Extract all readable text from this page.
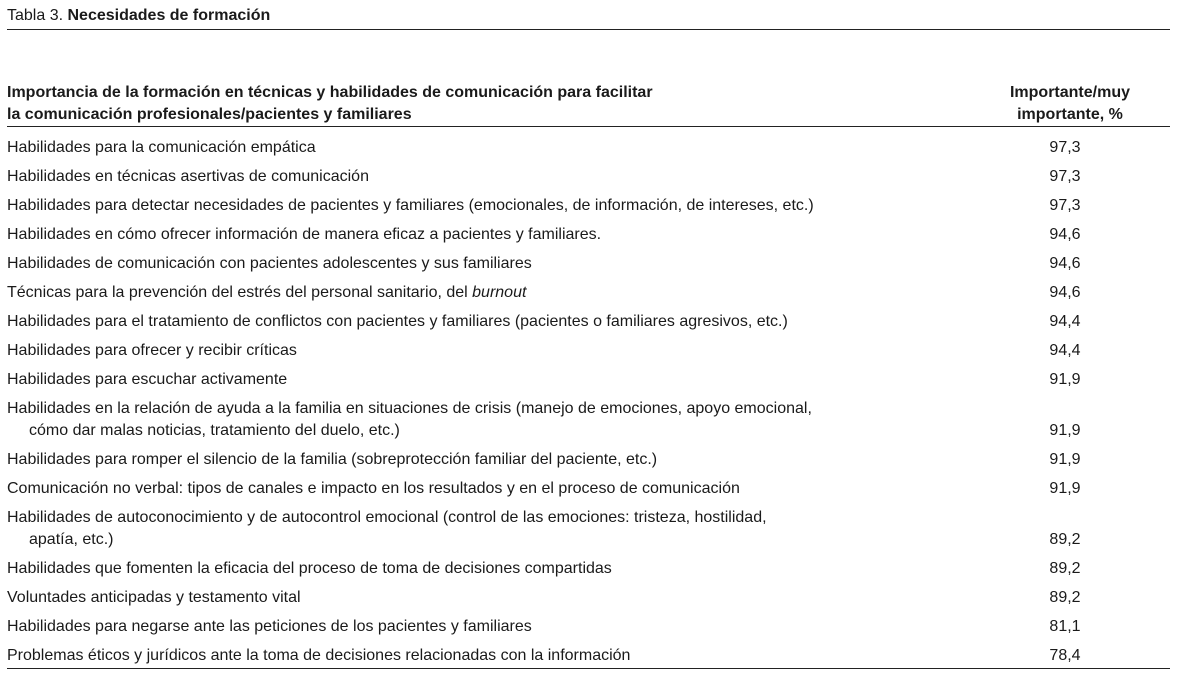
Tabla 3. Necesidades de formación
Importancia de la formación en técnicas y habilidades de comunicación para facilitar
la comunicación profesionales/pacientes y familiares
Importante/muy
importante, %
Habilidades para la comunicación empática	97,3
Habilidades en técnicas asertivas de comunicación	97,3
Habilidades para detectar necesidades de pacientes y familiares (emocionales, de información, de intereses, etc.)	97,3
Habilidades en cómo ofrecer información de manera eficaz a pacientes y familiares.	94,6
Habilidades de comunicación con pacientes adolescentes y sus familiares	94,6
Técnicas para la prevención del estrés del personal sanitario, del burnout	94,6
Habilidades para el tratamiento de conflictos con pacientes y familiares (pacientes o familiares agresivos, etc.)	94,4
Habilidades para ofrecer y recibir críticas	94,4
Habilidades para escuchar activamente	91,9
Habilidades en la relación de ayuda a la familia en situaciones de crisis (manejo de emociones, apoyo emocional,
cómo dar malas noticias, tratamiento del duelo, etc.)	91,9
Habilidades para romper el silencio de la familia (sobreprotección familiar del paciente, etc.)	91,9
Comunicación no verbal: tipos de canales e impacto en los resultados y en el proceso de comunicación	91,9
Habilidades de autoconocimiento y de autocontrol emocional (control de las emociones: tristeza, hostilidad,
apatía, etc.)	89,2
Habilidades que fomenten la eficacia del proceso de toma de decisiones compartidas	89,2
Voluntades anticipadas y testamento vital	89,2
Habilidades para negarse ante las peticiones de los pacientes y familiares	81,1
Problemas éticos y jurídicos ante la toma de decisiones relacionadas con la información	78,4
